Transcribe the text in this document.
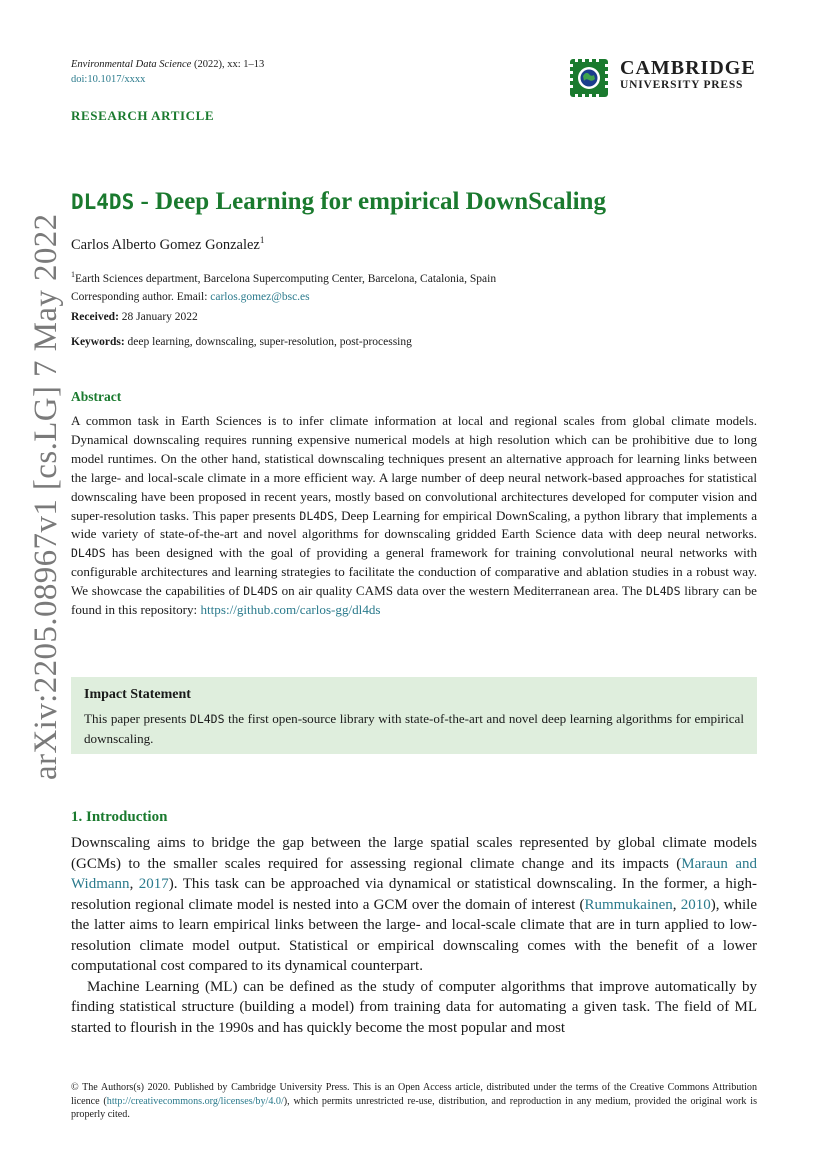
Environmental Data Science (2022), xx: 1–13
doi:10.1017/xxxx
CAMBRIDGE
UNIVERSITY PRESS
RESEARCH ARTICLE
arXiv:2205.08967v1 [cs.LG] 7 May 2022
DL4DS - Deep Learning for empirical DownScaling
Carlos Alberto Gomez Gonzalez$^1$
$^1$Earth Sciences department, Barcelona Supercomputing Center, Barcelona, Catalonia, Spain
Corresponding author. Email: carlos.gomez@bsc.es
Received: 28 January 2022
Keywords: deep learning, downscaling, super-resolution, post-processing
Abstract
A common task in Earth Sciences is to infer climate information at local and regional scales from global climate models. Dynamical downscaling requires running expensive numerical models at high resolution which can be prohibitive due to long model runtimes. On the other hand, statistical downscaling techniques present an alternative approach for learning links between the large- and local-scale climate in a more efficient way. A large number of deep neural network-based approaches for statistical downscaling have been proposed in recent years, mostly based on convolutional architectures developed for computer vision and super-resolution tasks. This paper presents DL4DS, Deep Learning for empirical DownScaling, a python library that implements a wide variety of state-of-the-art and novel algorithms for downscaling gridded Earth Science data with deep neural networks. DL4DS has been designed with the goal of providing a general framework for training convolutional neural networks with configurable architectures and learning strategies to facilitate the conduction of comparative and ablation studies in a robust way. We showcase the capabilities of DL4DS on air quality CAMS data over the western Mediterranean area. The DL4DS library can be found in this repository: https://github.com/carlos-gg/dl4ds
Impact Statement
This paper presents DL4DS the first open-source library with state-of-the-art and novel deep learning algorithms for empirical downscaling.
1. Introduction

Downscaling aims to bridge the gap between the large spatial scales represented by global climate models (GCMs) to the smaller scales required for assessing regional climate change and its impacts (Maraun and Widmann, 2017). This task can be approached via dynamical or statistical downscaling. In the former, a high-resolution regional climate model is nested into a GCM over the domain of interest (Rummukainen, 2010), while the latter aims to learn empirical links between the large- and local-scale climate that are in turn applied to low-resolution climate model output. Statistical or empirical downscaling comes with the benefit of a lower computational cost compared to its dynamical counterpart.

Machine Learning (ML) can be defined as the study of computer algorithms that improve automatically by finding statistical structure (building a model) from training data for automating a given task. The field of ML started to flourish in the 1990s and has quickly become the most popular and most

© The Authors(s) 2020. Published by Cambridge University Press. This is an Open Access article, distributed under the terms of the Creative Commons Attribution licence (http://creativecommons.org/licenses/by/4.0/), which permits unrestricted re-use, distribution, and reproduction in any medium, provided the original work is properly cited.
